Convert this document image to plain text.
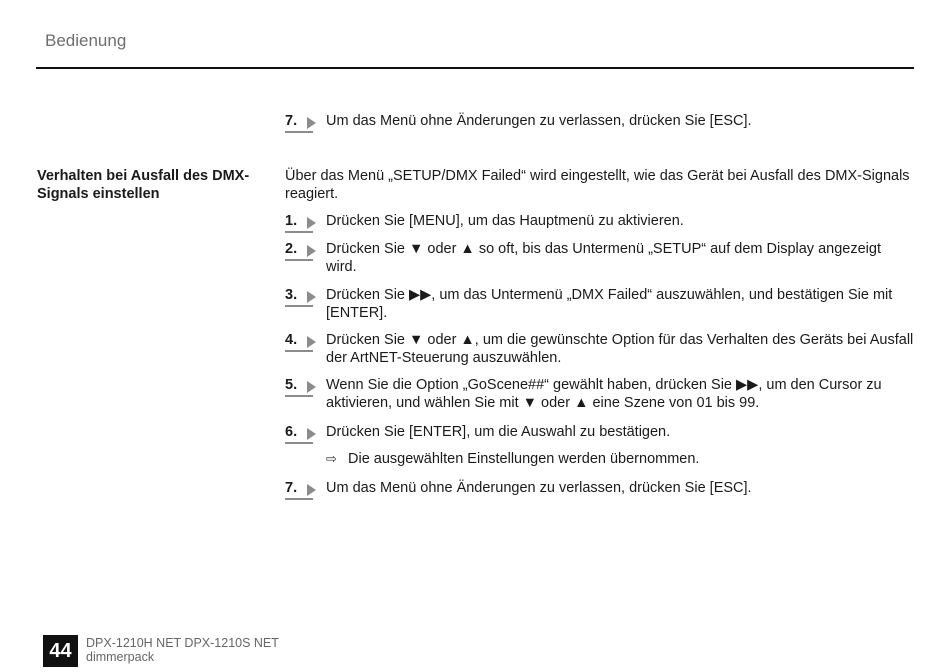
Bedienung
7.	Um das Menü ohne Änderungen zu verlassen, drücken Sie [ESC].
Verhalten bei Ausfall des DMX-Signals einstellen
Über das Menü „SETUP/DMX Failed“ wird eingestellt, wie das Gerät bei Ausfall des DMX-Signals reagiert.
1.	Drücken Sie [MENU], um das Hauptmenü zu aktivieren.
2.	Drücken Sie ▼ oder ▲ so oft, bis das Untermenü „SETUP“ auf dem Display angezeigt wird.
3.	Drücken Sie ▶▶, um das Untermenü „DMX Failed“ auszuwählen, und bestätigen Sie mit [ENTER].
4.	Drücken Sie ▼ oder ▲, um die gewünschte Option für das Verhalten des Geräts bei Ausfall der ArtNET-Steuerung auszuwählen.
5.	Wenn Sie die Option „GoScene##“ gewählt haben, drücken Sie ▶▶, um den Cursor zu aktivieren, und wählen Sie mit ▼ oder ▲ eine Szene von 01 bis 99.
6.	Drücken Sie [ENTER], um die Auswahl zu bestätigen.
⇨ Die ausgewählten Einstellungen werden übernommen.
7.	Um das Menü ohne Änderungen zu verlassen, drücken Sie [ESC].
44	DPX-1210H NET DPX-1210S NET
dimmerpack
